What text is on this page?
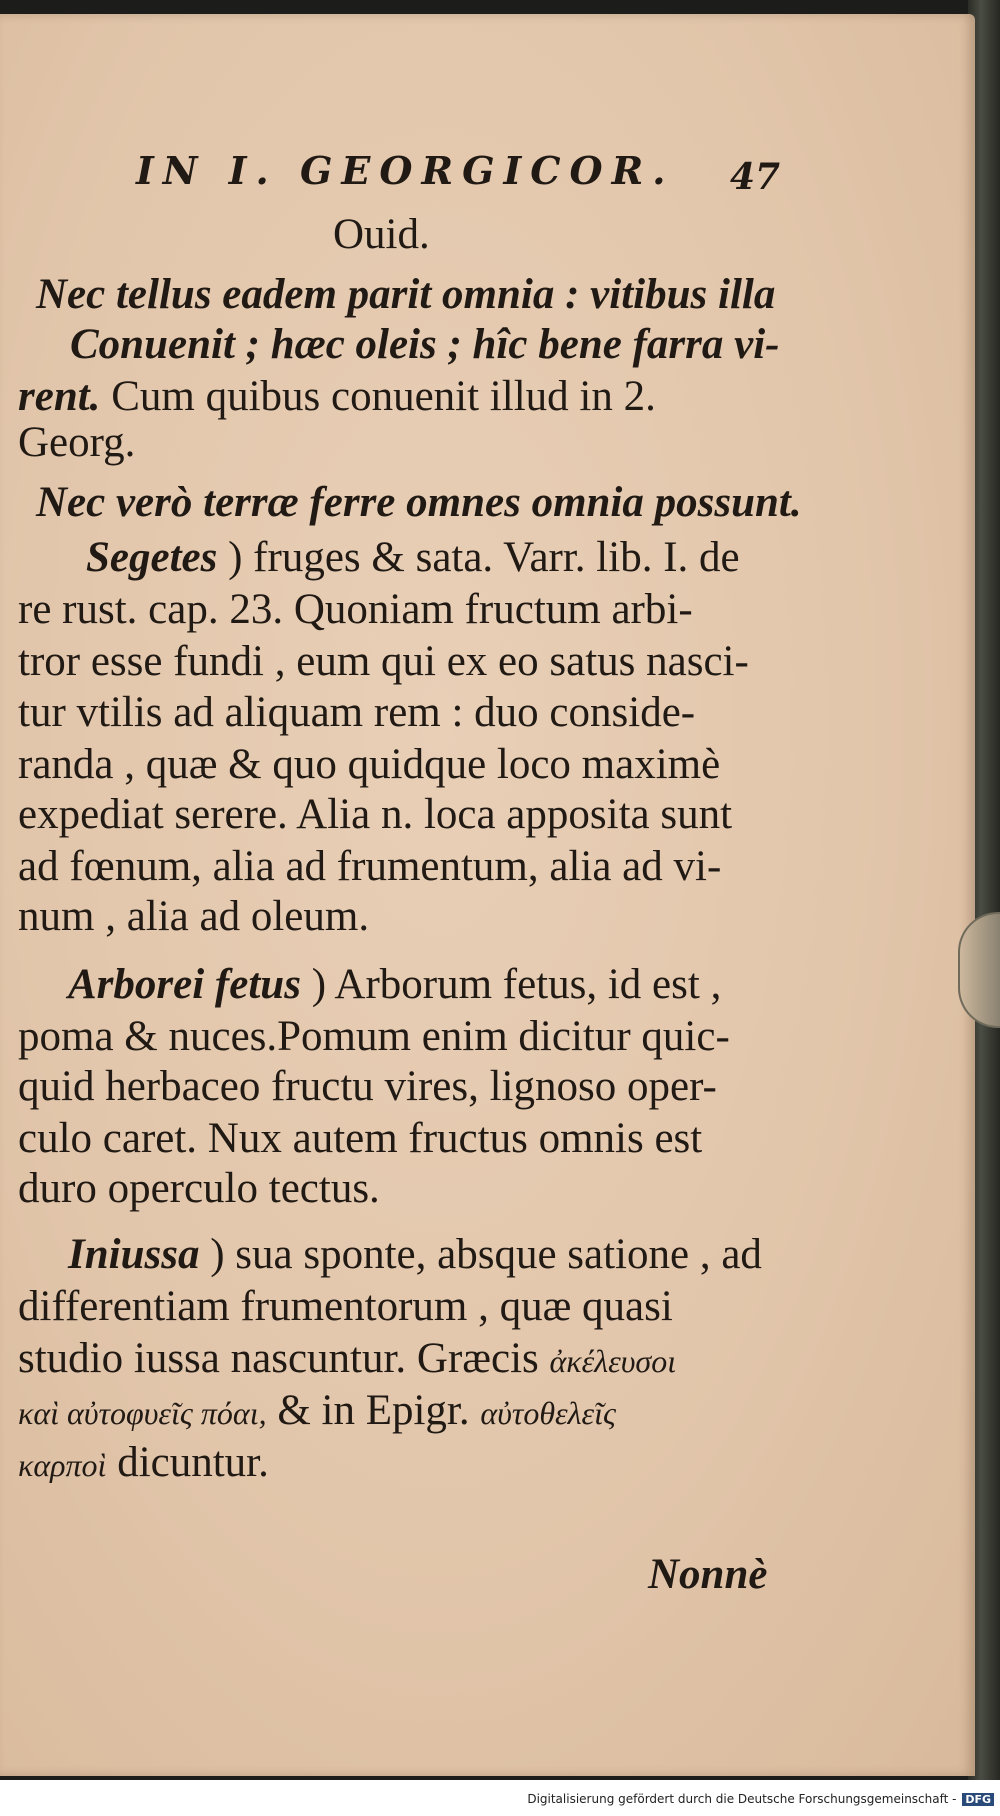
IN I. GEORGICOR. 47
Ouid.
Nec tellus eadem parit omnia : vitibus illa
Conuenit ; hæc oleis ; hîc bene farra vi-
rent. Cum quibus conuenit illud in 2.
Georg.
Nec verò terræ ferre omnes omnia possunt.
Segetes ) fruges & sata. Varr. lib. I. de
re rust. cap. 23. Quoniam fructum arbi-
tror esse fundi , eum qui ex eo satus nasci-
tur vtilis ad aliquam rem : duo conside-
randa , quæ & quo quidque loco maximè
expediat serere. Alia n. loca apposita sunt
ad fœnum, alia ad frumentum, alia ad vi-
num , alia ad oleum.
Arborei fetus ) Arborum fetus, id est ,
poma & nuces.Pomum enim dicitur quic-
quid herbaceo fructu vires, lignoso oper-
culo caret. Nux autem fructus omnis est
duro operculo tectus.
Iniussa ) sua sponte, absque satione , ad
differentiam frumentorum , quæ quasi
studio iussa nascuntur. Græcis ἀκέλευσοι
καὶ αὐτοφυεῖς πόαι, & in Epigr. αὐτοθελεῖς
καρποὶ dicuntur.
Nonnè
Digitalisierung gefördert durch die Deutsche Forschungsgemeinschaft - DFG
